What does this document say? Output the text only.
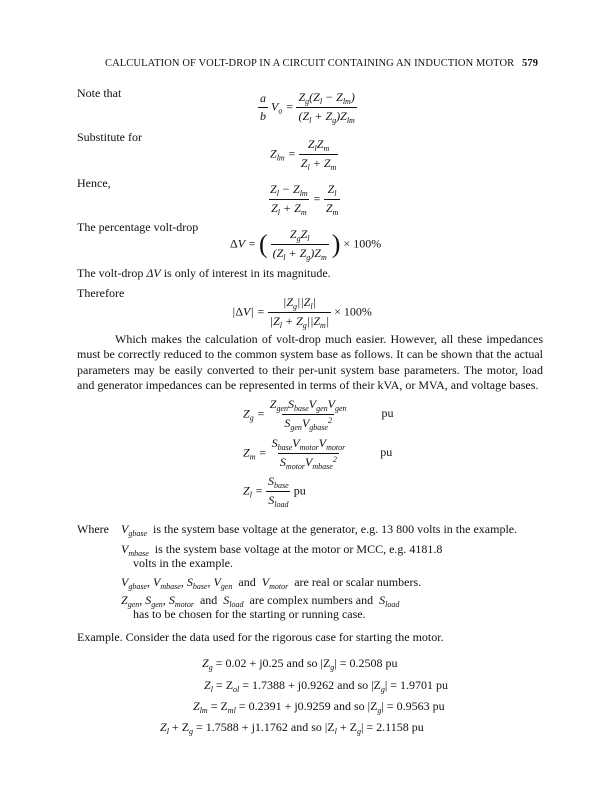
CALCULATION OF VOLT-DROP IN A CIRCUIT CONTAINING AN INDUCTION MOTOR 579
Note that	$\frac{a}{b} V_o = \frac{Z_g(Z_l - Z_{lm})}{(Z_l + Z_g)Z_{lm}}$
Substitute for
$Z_{lm} = \frac{Z_lZ_m}{Z_l + Z_m}$
Hence,	$\frac{Z_l - Z_{lm}}{Z_l + Z_m} = \frac{Z_l}{Z_m}$
The percentage volt-drop
ΔV = ( $\frac{Z_gZ_l}{(Z_l + Z_g)Z_m}$ ) × 100%
The volt-drop ΔV is only of interest in its magnitude.
Therefore
$|\Delta V| = \frac{|Z_g||Z_l|}{|Z_l + Z_g||Z_m|} \times 100\%$
Which makes the calculation of volt-drop much easier. However, all these impedances must be correctly reduced to the common system base as follows. It can be shown that the actual parameters may be easily converted to their per-unit system base parameters. The motor, load and generator impedances can be represented in terms of their kVA, or MVA, and voltage bases.
$Z_g = \frac{Z_{gen}S_{base}V_{gen}V_{gen}}{S_{gen}V_{gbase}^2}$	pu
$Z_m = \frac{S_{base}V_{motor}V_{motor}}{S_{motor}V_{mbase}^2}$	pu
$Z_l = \frac{S_{base}}{S_{load}}$ pu
Where $V_{gbase}$ is the system base voltage at the generator, e.g. 13 800 volts in the example.
$V_{mbase}$ is the system base voltage at the motor or MCC, e.g. 4181.8
volts in the example.
$V_{gbase}$, $V_{mbase}$, $S_{base}$, $V_{gen}$ and $V_{motor}$ are real or scalar numbers.
$Z_{gen}$, $S_{gen}$, $S_{motor}$ and $S_{load}$ are complex numbers and $S_{load}$
has to be chosen for the starting or running case.
Example. Consider the data used for the rigorous case for starting the motor.
$Z_g = 0.02 + j0.25$ and so $|Z_g| = 0.2508$ pu
$Z_l = Z_{ol} = 1.7388 + j0.9262$ and so $|Z_g| = 1.9701$ pu
$Z_{lm} = Z_{ml} = 0.2391 + j0.9259$ and so $|Z_g| = 0.9563$ pu
$Z_l + Z_g = 1.7588 + j1.1762$ and so $|Z_l + Z_g| = 2.1158$ pu
